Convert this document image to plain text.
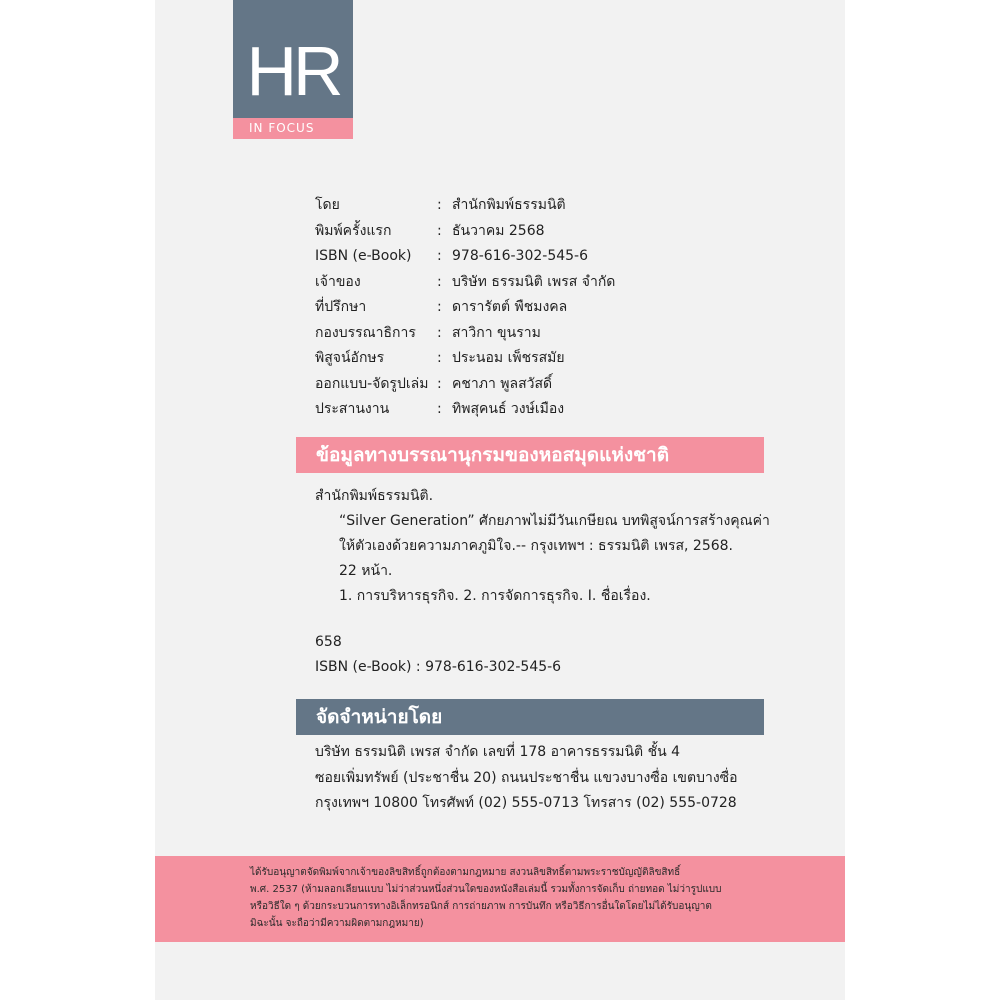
HR
IN FOCUS
โดย	: สำนักพิมพ์ธรรมนิติ
พิมพ์ครั้งแรก	: ธันวาคม 2568
ISBN (e-Book) : 978-616-302-545-6
เจ้าของ	: บริษัท ธรรมนิติ เพรส จำกัด
ที่ปรึกษา	: ดารารัตต์ พืชมงคล
กองบรรณาธิการ : สาวิกา ขุนราม
พิสูจน์อักษร	: ประนอม เพ็ชรสมัย
ออกแบบ-จัดรูปเล่ม : คชาภา พูลสวัสดิ์
ประสานงาน	: ทิพสุคนธ์ วงษ์เมือง
ข้อมูลทางบรรณานุกรมของหอสมุดแห่งชาติ
สำนักพิมพ์ธรรมนิติ.
“Silver Generation” ศักยภาพไม่มีวันเกษียณ บทพิสูจน์การสร้างคุณค่า
ให้ตัวเองด้วยความภาคภูมิใจ.-- กรุงเทพฯ : ธรรมนิติ เพรส, 2568.
22 หน้า.
1. การบริหารธุรกิจ. 2. การจัดการธุรกิจ. I. ชื่อเรื่อง.
658
ISBN (e-Book) : 978-616-302-545-6
จัดจำหน่ายโดย
บริษัท ธรรมนิติ เพรส จำกัด เลขที่ 178 อาคารธรรมนิติ ชั้น 4
ซอยเพิ่มทรัพย์ (ประชาชื่น 20) ถนนประชาชื่น แขวงบางซื่อ เขตบางซื่อ
กรุงเทพฯ 10800 โทรศัพท์ (02) 555-0713 โทรสาร (02) 555-0728
ได้รับอนุญาตจัดพิมพ์จากเจ้าของลิขสิทธิ์ถูกต้องตามกฎหมาย สงวนลิขสิทธิ์ตามพระราชบัญญัติลิขสิทธิ์
พ.ศ. 2537 (ห้ามลอกเลียนแบบ ไม่ว่าส่วนหนึ่งส่วนใดของหนังสือเล่มนี้ รวมทั้งการจัดเก็บ ถ่ายทอด ไม่ว่ารูปแบบ
หรือวิธีใด ๆ ด้วยกระบวนการทางอิเล็กทรอนิกส์ การถ่ายภาพ การบันทึก หรือวิธีการอื่นใดโดยไม่ได้รับอนุญาต
มิฉะนั้น จะถือว่ามีความผิดตามกฎหมาย)
